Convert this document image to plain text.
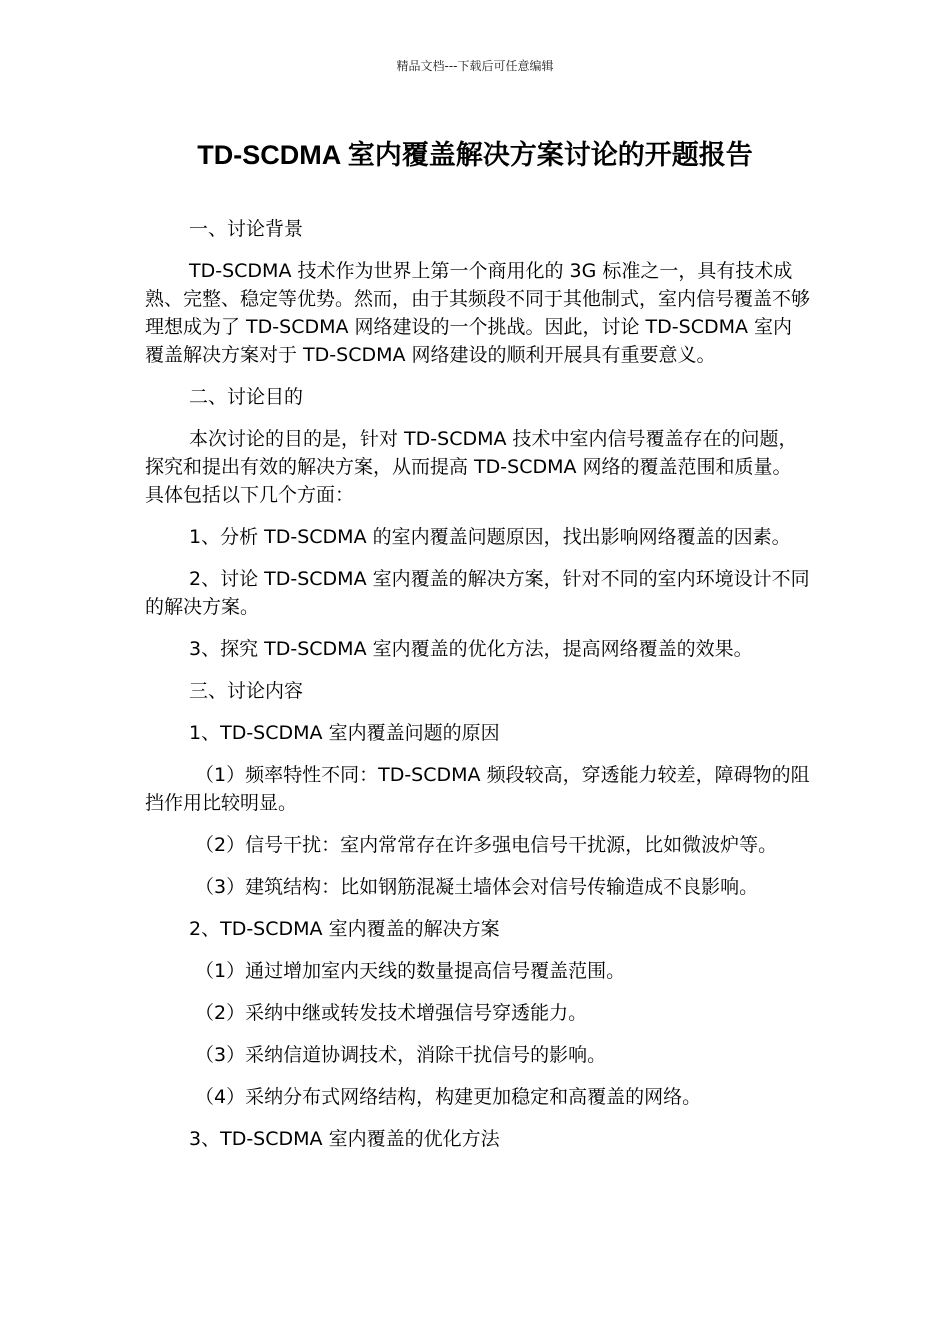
精品文档---下载后可任意编辑
TD-SCDMA 室内覆盖解决方案讨论的开题报告

一、讨论背景

TD-SCDMA 技术作为世界上第一个商用化的 3G 标准之一，具有技术成熟、完整、稳定等优势。然而，由于其频段不同于其他制式，室内信号覆盖不够理想成为了 TD-SCDMA 网络建设的一个挑战。因此，讨论 TD-SCDMA 室内覆盖解决方案对于 TD-SCDMA 网络建设的顺利开展具有重要意义。

二、讨论目的

本次讨论的目的是，针对 TD-SCDMA 技术中室内信号覆盖存在的问题，探究和提出有效的解决方案，从而提高 TD-SCDMA 网络的覆盖范围和质量。具体包括以下几个方面：

1、分析 TD-SCDMA 的室内覆盖问题原因，找出影响网络覆盖的因素。

2、讨论 TD-SCDMA 室内覆盖的解决方案，针对不同的室内环境设计不同的解决方案。

3、探究 TD-SCDMA 室内覆盖的优化方法，提高网络覆盖的效果。

三、讨论内容

1、TD-SCDMA 室内覆盖问题的原因

（1）频率特性不同：TD-SCDMA 频段较高，穿透能力较差，障碍物的阻挡作用比较明显。

（2）信号干扰：室内常常存在许多强电信号干扰源，比如微波炉等。

（3）建筑结构：比如钢筋混凝土墙体会对信号传输造成不良影响。

2、TD-SCDMA 室内覆盖的解决方案

（1）通过增加室内天线的数量提高信号覆盖范围。

（2）采纳中继或转发技术增强信号穿透能力。

（3）采纳信道协调技术，消除干扰信号的影响。

（4）采纳分布式网络结构，构建更加稳定和高覆盖的网络。

3、TD-SCDMA 室内覆盖的优化方法
